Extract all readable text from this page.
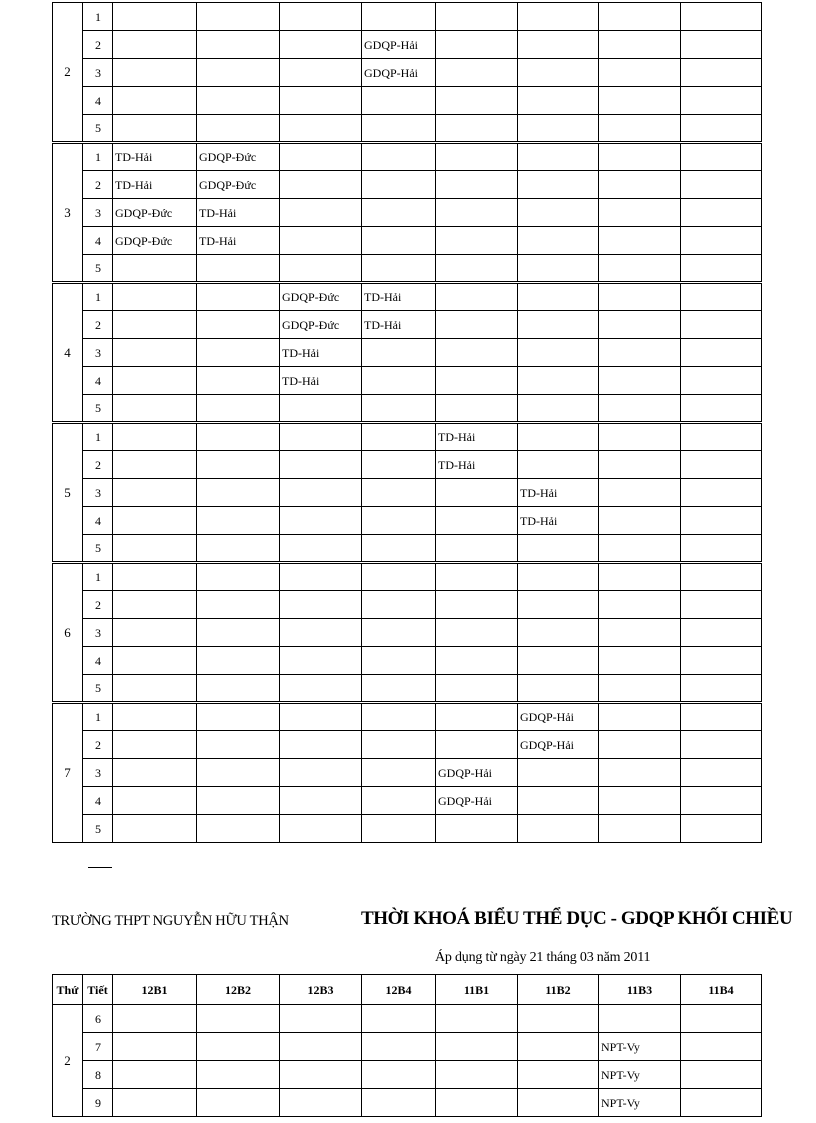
2	1								
	2				GDQP-Hải				
	3				GDQP-Hải				
	4								
	5								
3	1	TD-Hải	GDQP-Đức						
	2	TD-Hải	GDQP-Đức						
	3	GDQP-Đức	TD-Hải						
	4	GDQP-Đức	TD-Hải						
	5								
4	1			GDQP-Đức	TD-Hải				
	2			GDQP-Đức	TD-Hải				
	3			TD-Hải					
	4			TD-Hải					
	5								
5	1					TD-Hải			
	2					TD-Hải			
	3						TD-Hải		
	4						TD-Hải		
	5								
6	1								
	2								
	3								
	4								
	5								
7	1						GDQP-Hải		
	2						GDQP-Hải		
	3					GDQP-Hải			
	4					GDQP-Hải			
	5								
TRƯỜNG THPT NGUYỄN HỮU THẬN	THỜI KHOÁ BIỂU THỂ DỤC - GDQP KHỐI CHIỀU
Áp dụng từ ngày 21 tháng 03 năm 2011
Thứ	Tiết	12B1	12B2	12B3	12B4	11B1	11B2	11B3	11B4
2	6								
	7							NPT-Vy	
	8							NPT-Vy	
	9							NPT-Vy	
